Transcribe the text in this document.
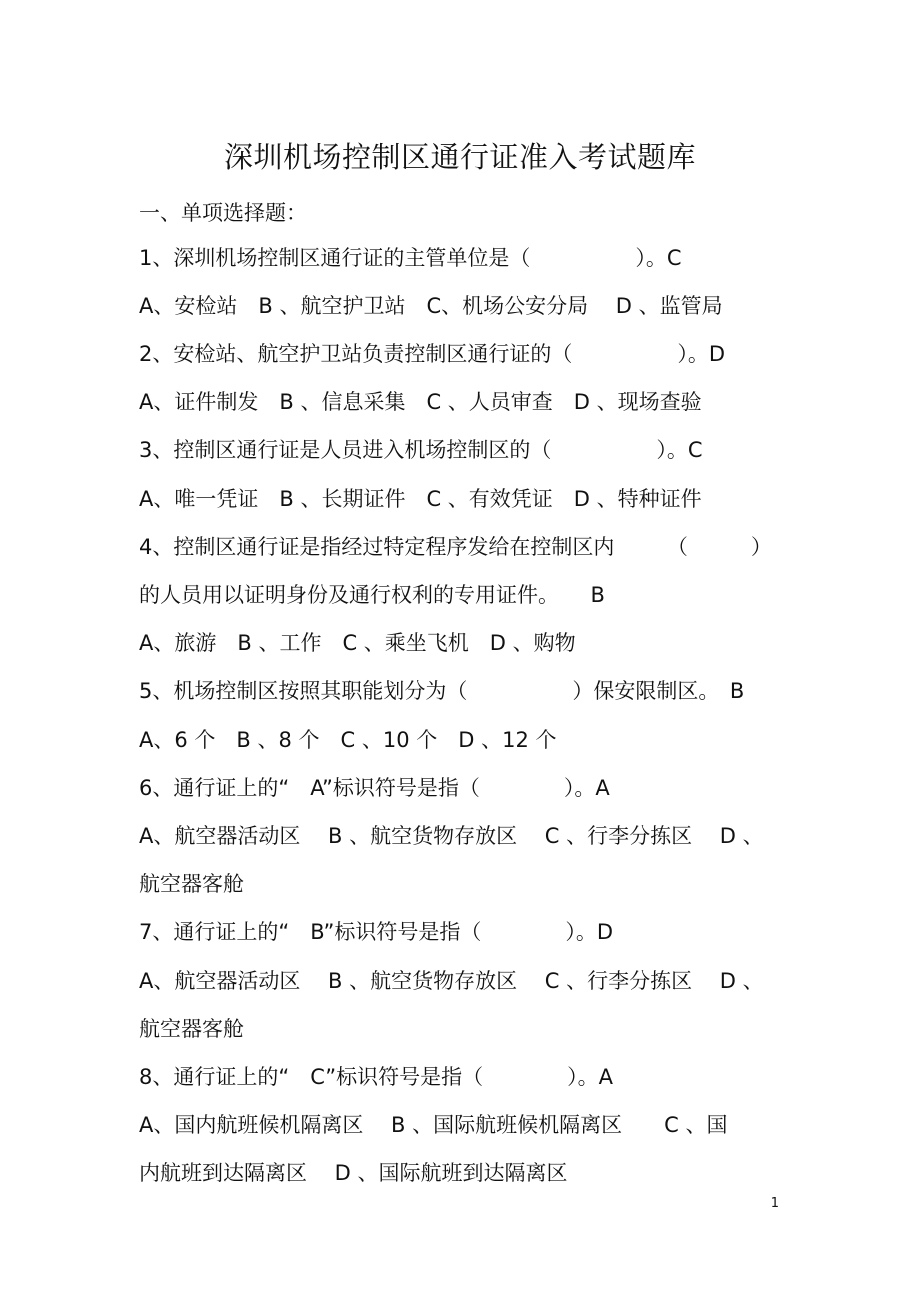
深圳机场控制区通行证准入考试题库
一、单项选择题：
1、深圳机场控制区通行证的主管单位是（　　　　　）。C
A、安检站　B 、航空护卫站　C、机场公安分局　 D 、监管局
2、安检站、航空护卫站负责控制区通行证的（　　　　　）。D
A、证件制发　B 、信息采集　C 、人员审查　D 、现场查验
3、控制区通行证是人员进入机场控制区的（　　　　　）。C
A、唯一凭证　B 、长期证件　C 、有效凭证　D 、特种证件
4、控制区通行证是指经过特定程序发给在控制区内　　　（　　　）
的人员用以证明身份及通行权利的专用证件。　　B
A、旅游　B 、工作　C 、乘坐飞机　D 、购物
5、机场控制区按照其职能划分为（　　　　　）保安限制区。　B
A、6 个　B 、8 个　C 、10 个　D 、12 个
6、通行证上的“　A”标识符号是指（　　　　）。A
A、航空器活动区　 B 、航空货物存放区　 C 、行李分拣区　 D 、
航空器客舱
7、通行证上的“　B”标识符号是指（　　　　）。D
A、航空器活动区　 B 、航空货物存放区　 C 、行李分拣区　 D 、
航空器客舱
8、通行证上的“　C”标识符号是指（　　　　）。A
A、国内航班候机隔离区　 B 、国际航班候机隔离区　　C 、国
内航班到达隔离区　 D 、国际航班到达隔离区
1
